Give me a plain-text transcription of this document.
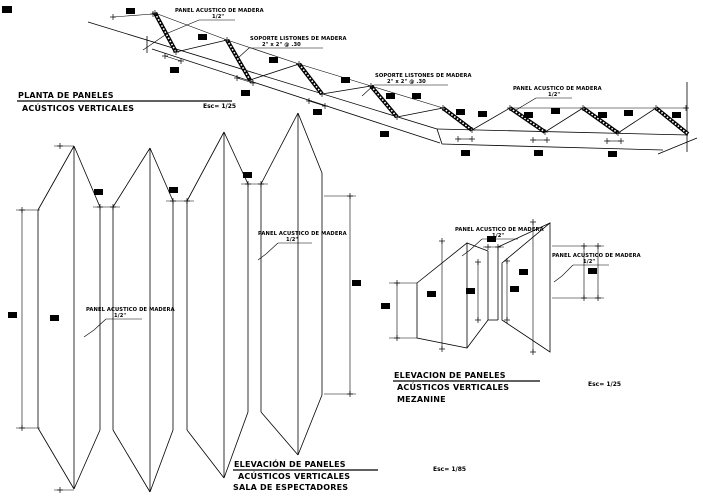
PANEL ACUSTICO DE MADERA
1/2"
SOPORTE LISTONES DE MADERA
2" x 2" @ .30
SOPORTE LISTONES DE MADERA
2" x 2" @ .30
PANEL ACUSTICO DE MADERA
1/2"
PLANTA DE PANELES
ACÚSTICOS VERTICALES	Esc= 1/25
PANEL ACUSTICO DE MADERA
1/2"
PANEL ACUSTICO DE MADERA
1/2"
ELEVACIÓN DE PANELES
ACÚSTICOS VERTICALES
SALA DE ESPECTADORES
Esc= 1/85
PANEL ACUSTICO DE MADERA
1/2"
PANEL ACUSTICO DE MADERA
1/2"
ELEVACION DE PANELES
ACÚSTICOS VERTICALES
MEZANINE
Esc= 1/25
